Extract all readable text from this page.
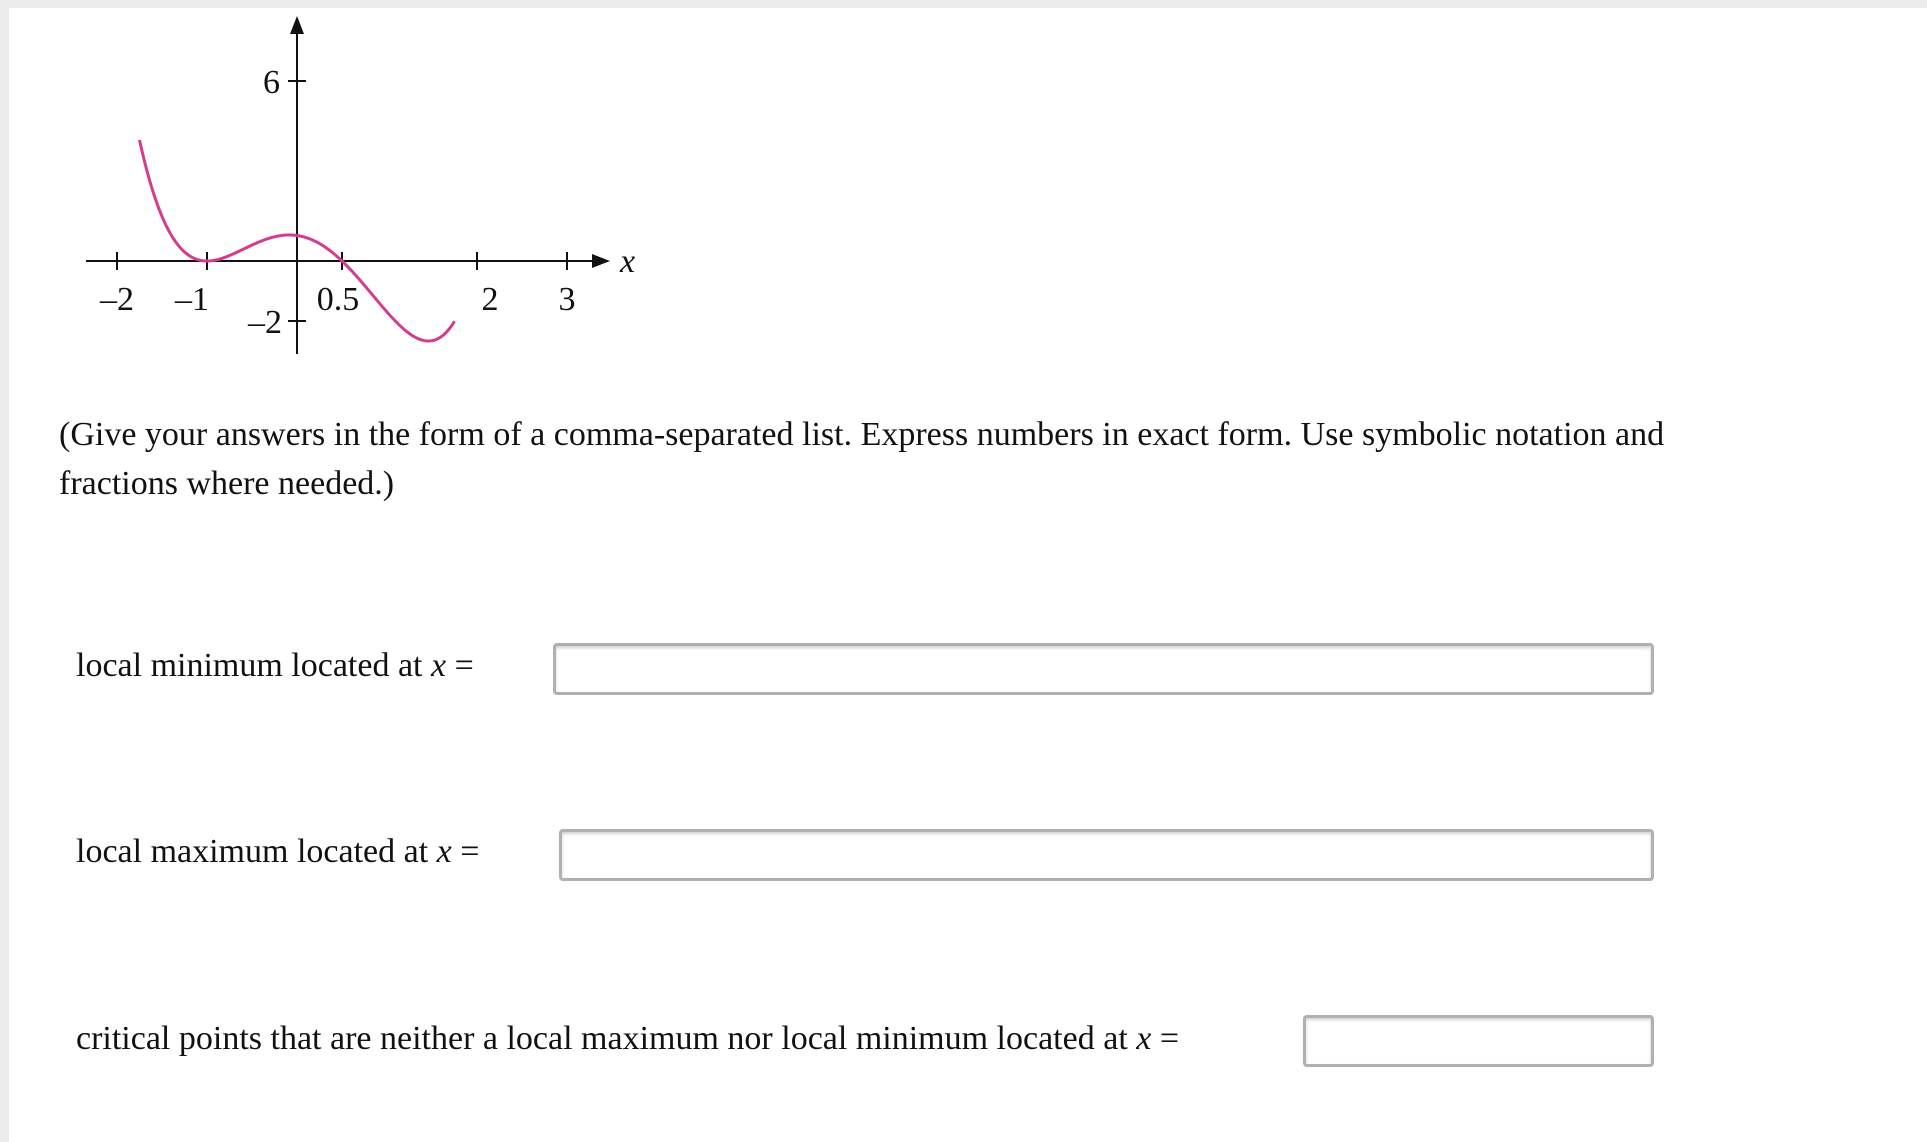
–2 –1	0.5	2 3
6
–2
x
(Give your answers in the form of a comma-separated list. Express numbers in exact form. Use symbolic notation and fractions where needed.)
local minimum located at x =
local maximum located at x =
critical points that are neither a local maximum nor local minimum located at x =
